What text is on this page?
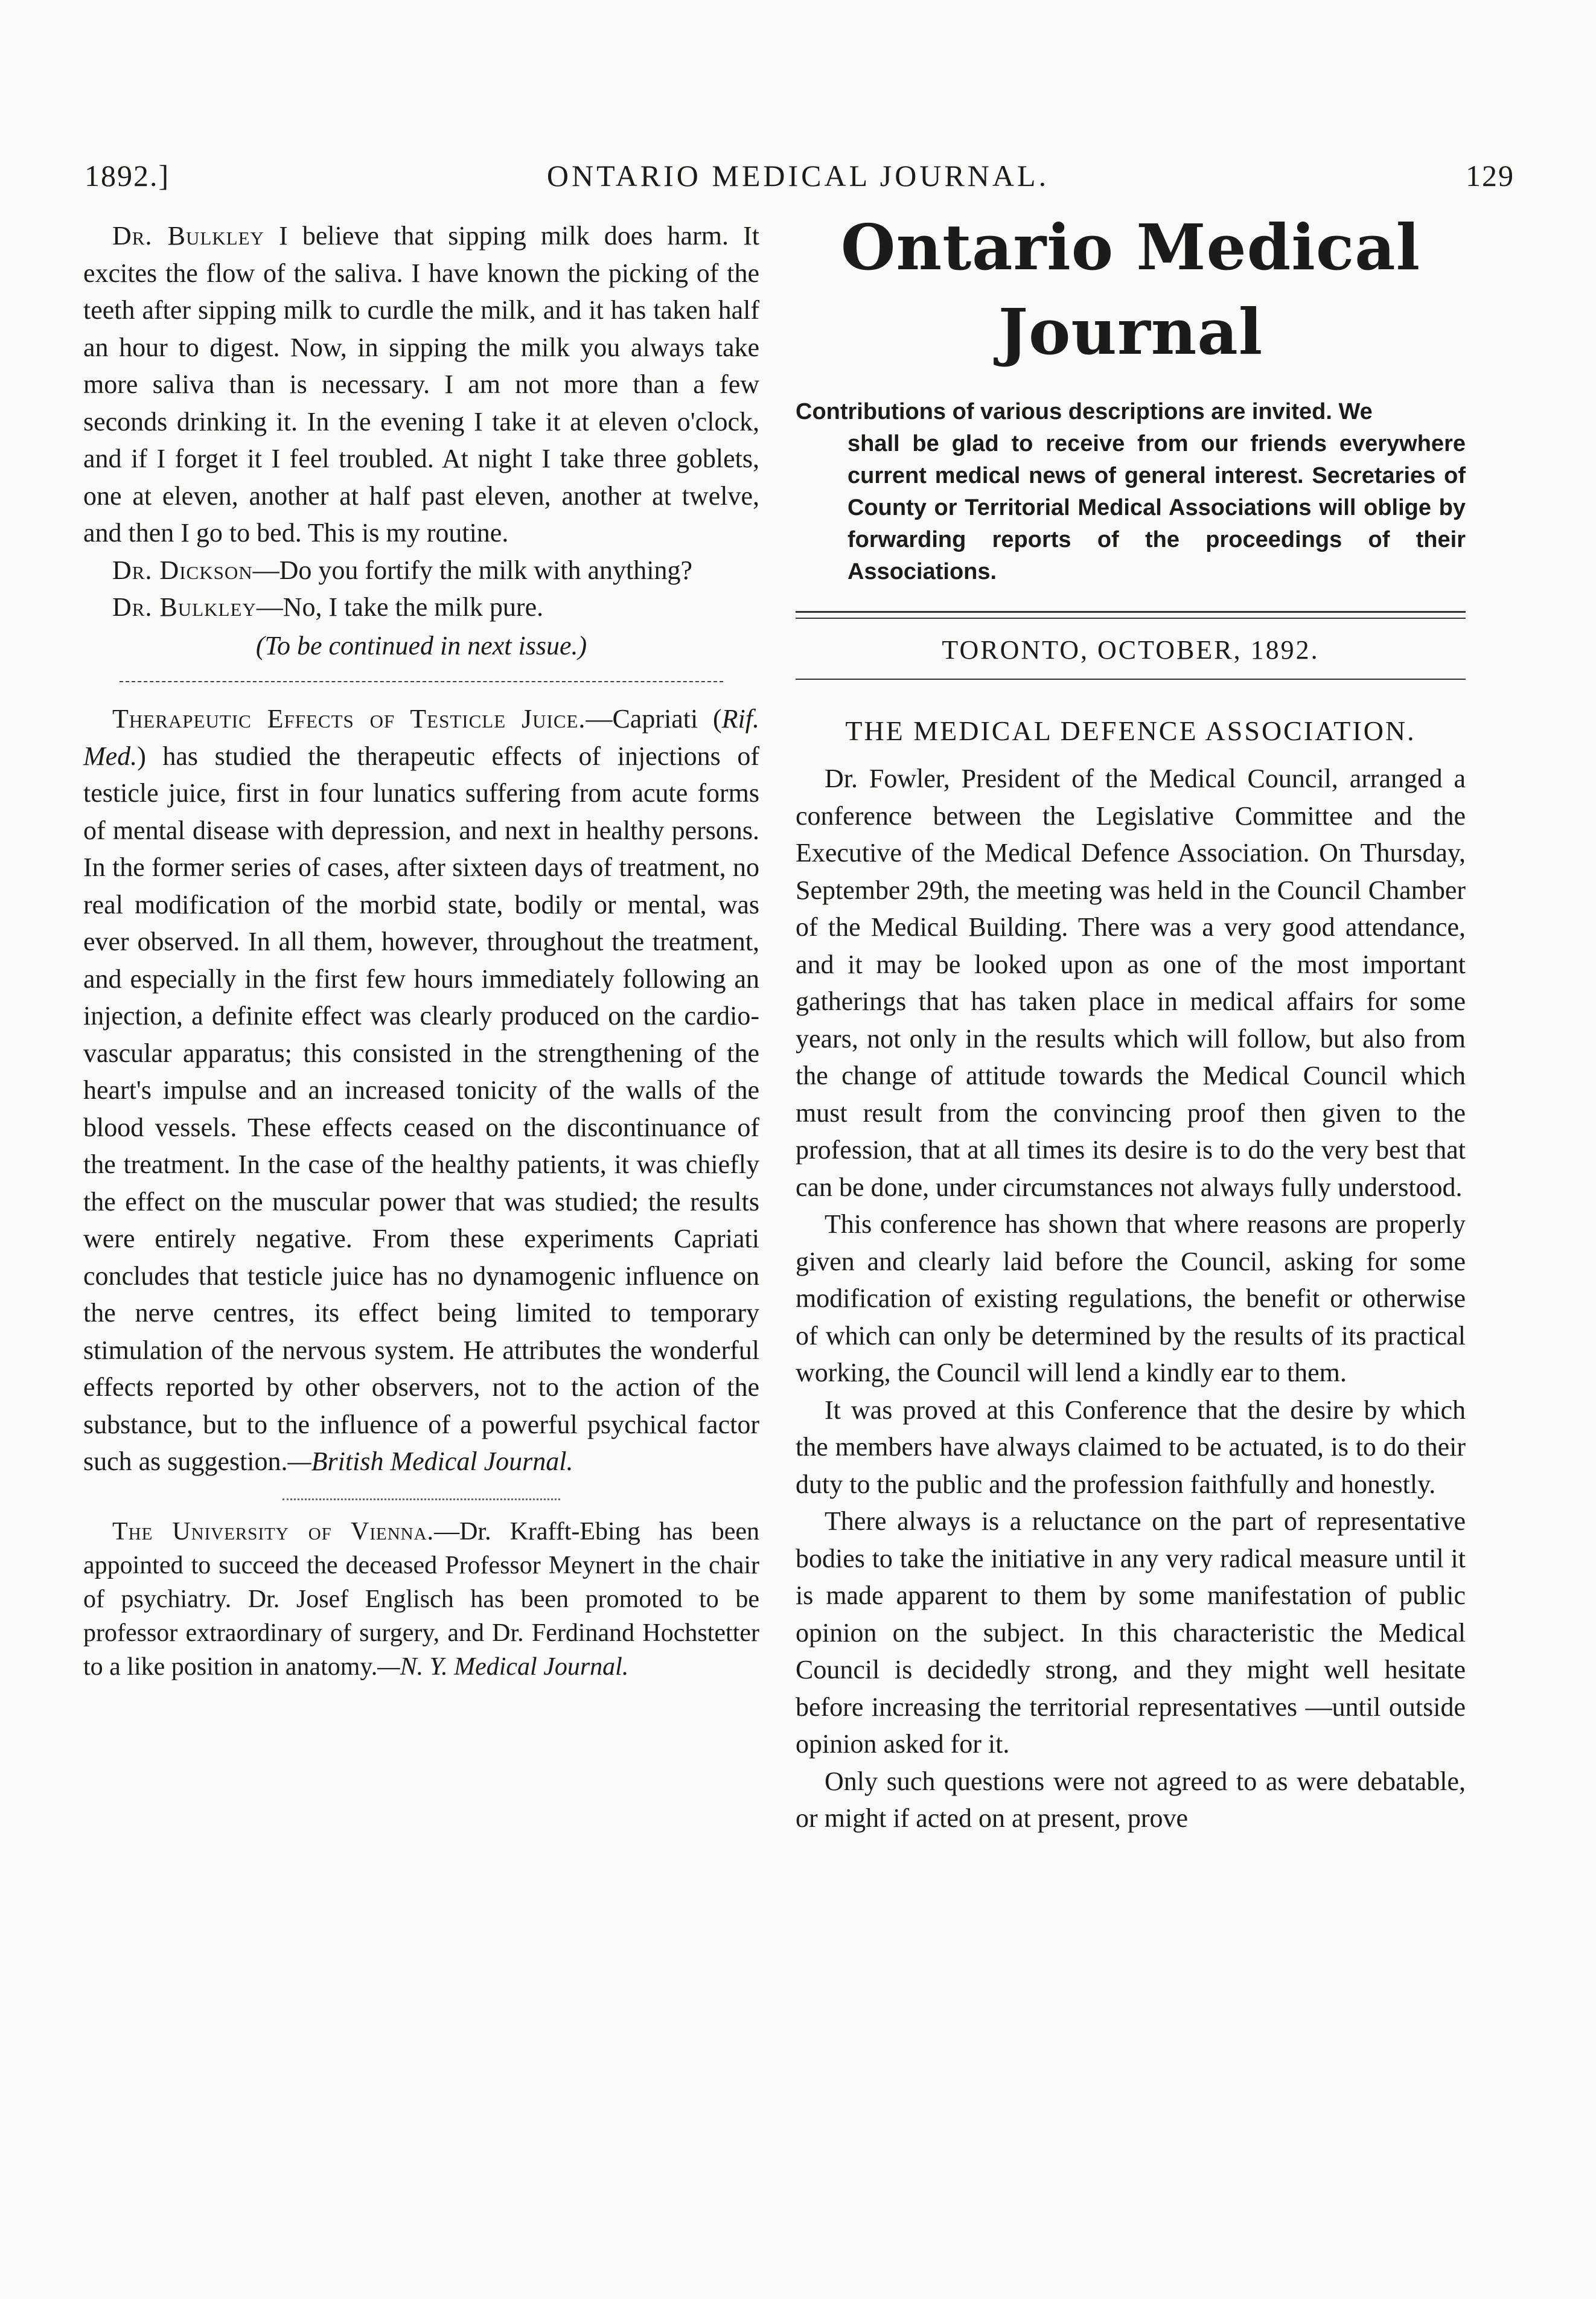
1892.]	ONTARIO MEDICAL JOURNAL.	129

Dr. Bulkley I believe that sipping milk does harm. It excites the flow of the saliva. I have known the picking of the teeth after sipping milk to curdle the milk, and it has taken half an hour to digest. Now, in sipping the milk you always take more saliva than is necessary. I am not more than a few seconds drinking it. In the evening I take it at eleven o'clock, and if I forget it I feel troubled. At night I take three goblets, one at eleven, another at half past eleven, another at twelve, and then I go to bed. This is my routine.

Dr. Dickson—Do you fortify the milk with anything?

Dr. Bulkley—No, I take the milk pure.

(To be continued in next issue.)

Therapeutic Effects of Testicle Juice.—Capriati (Rif. Med.) has studied the therapeutic effects of injections of testicle juice, first in four lunatics suffering from acute forms of mental disease with depression, and next in healthy persons. In the former series of cases, after sixteen days of treatment, no real modification of the morbid state, bodily or mental, was ever observed. In all them, however, throughout the treatment, and especially in the first few hours immediately following an injection, a definite effect was clearly produced on the cardio-vascular apparatus; this consisted in the strengthening of the heart's impulse and an increased tonicity of the walls of the blood vessels. These effects ceased on the discontinuance of the treatment. In the case of the healthy patients, it was chiefly the effect on the muscular power that was studied; the results were entirely negative. From these experiments Capriati concludes that testicle juice has no dynamogenic influence on the nerve centres, its effect being limited to temporary stimulation of the nervous system. He attributes the wonderful effects reported by other observers, not to the action of the substance, but to the influence of a powerful psychical factor such as suggestion.—British Medical Journal.

The University of Vienna.—Dr. Krafft-Ebing has been appointed to succeed the deceased Professor Meynert in the chair of psychiatry. Dr. Josef Englisch has been promoted to be professor extraordinary of surgery, and Dr. Ferdinand Hochstetter to a like position in anatomy.—N. Y. Medical Journal.

Ontario Medical Journal
Contributions of various descriptions are invited. We
shall be glad to receive from our friends everywhere current medical news of general interest. Secretaries of County or Territorial Medical Associations will oblige by forwarding reports of the proceedings of their Associations.
TORONTO, OCTOBER, 1892.
THE MEDICAL DEFENCE ASSOCIATION.

Dr. Fowler, President of the Medical Council, arranged a conference between the Legislative Committee and the Executive of the Medical Defence Association. On Thursday, September 29th, the meeting was held in the Council Chamber of the Medical Building. There was a very good attendance, and it may be looked upon as one of the most important gatherings that has taken place in medical affairs for some years, not only in the results which will follow, but also from the change of attitude towards the Medical Council which must result from the convincing proof then given to the profession, that at all times its desire is to do the very best that can be done, under circumstances not always fully understood.

This conference has shown that where reasons are properly given and clearly laid before the Council, asking for some modification of existing regulations, the benefit or otherwise of which can only be determined by the results of its practical working, the Council will lend a kindly ear to them.

It was proved at this Conference that the desire by which the members have always claimed to be actuated, is to do their duty to the public and the profession faithfully and honestly.

There always is a reluctance on the part of representative bodies to take the initiative in any very radical measure until it is made apparent to them by some manifestation of public opinion on the subject. In this characteristic the Medical Council is decidedly strong, and they might well hesitate before increasing the territorial representatives —until outside opinion asked for it.

Only such questions were not agreed to as were debatable, or might if acted on at present, prove
